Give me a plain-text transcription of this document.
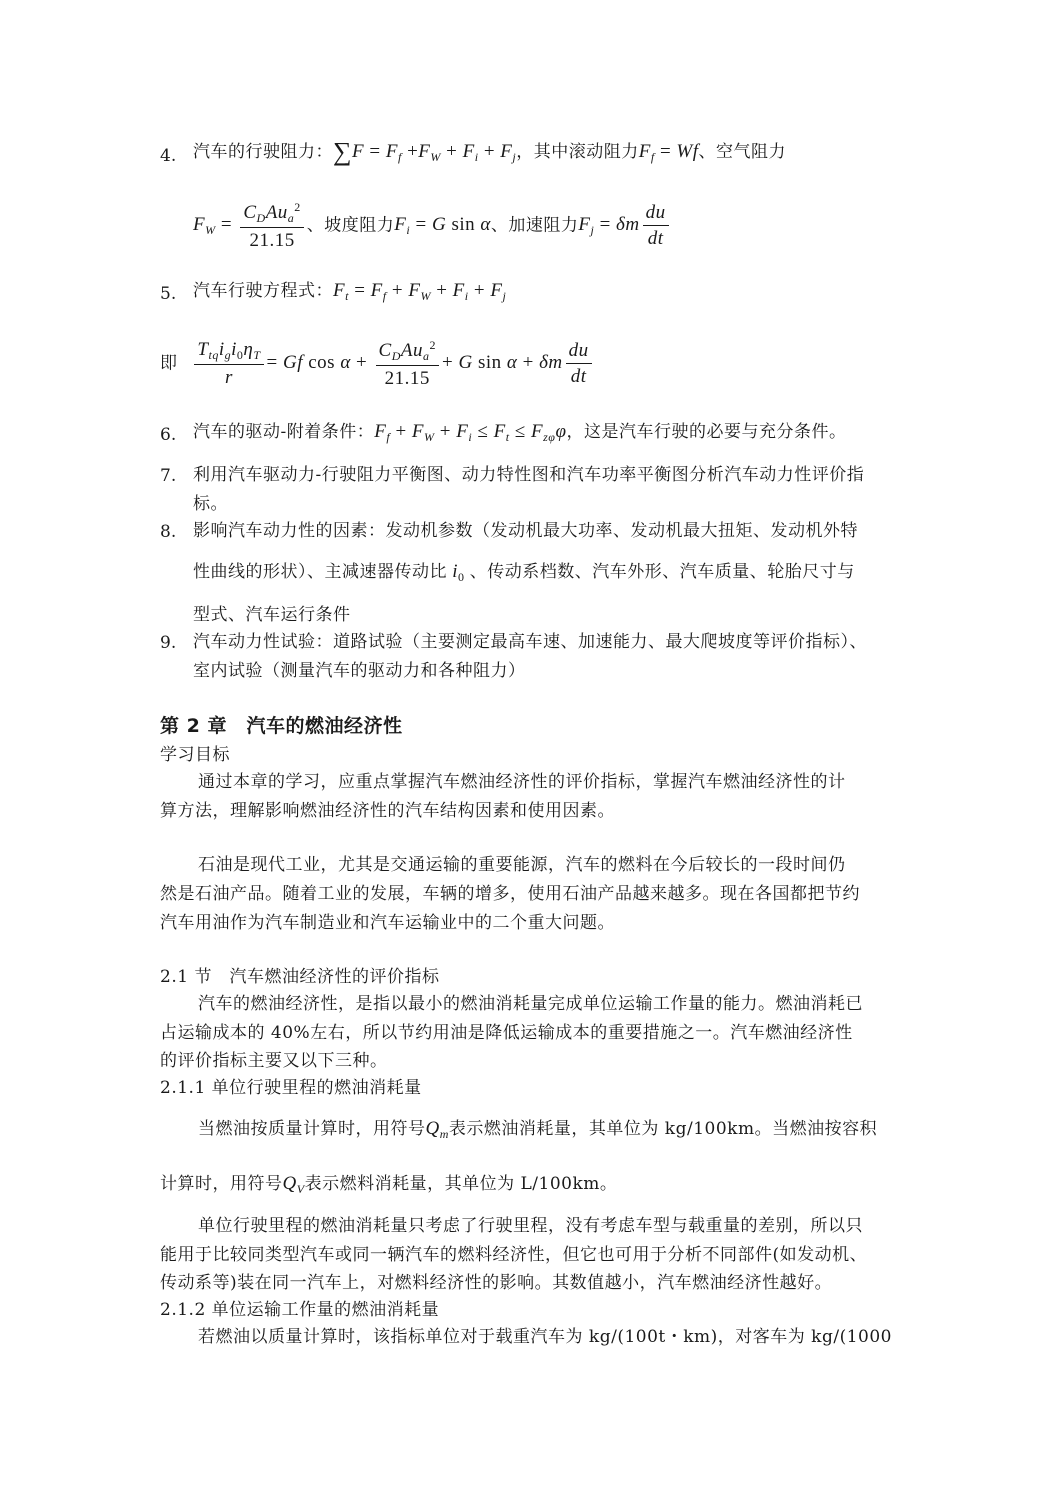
4. 汽车的行驶阻力：$\sum F = F_f +F_W + F_i + F_j$，其中滚动阻力$F_f = Wf$、空气阻力
$F_W = \frac{C_DAu_a^2}{21.15}$ 、坡度阻力$F_i = G$ sin α、加速阻力$F_j = \delta m \frac{du}{dt}$
5. 汽车行驶方程式：$F_t = F_f + F_W + F_i + F_j$
即 $\frac{T_{tq}i_gi_0\eta_T}{r} = Gf$ $\cos \alpha + \frac{C_DAu_a^2}{21.15} + G$ sin α + δm $\frac{du}{dt}$
6. 汽车的驱动-附着条件：$F_f + F_W + F_i \le F_t \le F_{z\varphi}\varphi$，这是汽车行驶的必要与充分条件。
7. 利用汽车驱动力-行驶阻力平衡图、动力特性图和汽车功率平衡图分析汽车动力性评价指
标。
8. 影响汽车动力性的因素：发动机参数（发动机最大功率、发动机最大扭矩、发动机外特
性曲线的形状）、主减速器传动比 $i_0$ 、传动系档数、汽车外形、汽车质量、轮胎尺寸与
型式、汽车运行条件
9. 汽车动力性试验：道路试验（主要测定最高车速、加速能力、最大爬坡度等评价指标）、
室内试验（测量汽车的驱动力和各种阻力）
第 2 章　汽车的燃油经济性
学习目标
通过本章的学习，应重点掌握汽车燃油经济性的评价指标，掌握汽车燃油经济性的计
算方法，理解影响燃油经济性的汽车结构因素和使用因素。
石油是现代工业，尤其是交通运输的重要能源，汽车的燃料在今后较长的一段时间仍
然是石油产品。随着工业的发展，车辆的增多，使用石油产品越来越多。现在各国都把节约
汽车用油作为汽车制造业和汽车运输业中的二个重大问题。
2.1 节　汽车燃油经济性的评价指标
汽车的燃油经济性，是指以最小的燃油消耗量完成单位运输工作量的能力。燃油消耗已
占运输成本的 40%左右，所以节约用油是降低运输成本的重要措施之一。汽车燃油经济性
的评价指标主要又以下三种。
2.1.1 单位行驶里程的燃油消耗量
当燃油按质量计算时，用符号$Q_m$表示燃油消耗量，其单位为 kg/100km。当燃油按容积
计算时，用符号$Q_V$表示燃料消耗量，其单位为 L/100km。
单位行驶里程的燃油消耗量只考虑了行驶里程，没有考虑车型与载重量的差别，所以只
能用于比较同类型汽车或同一辆汽车的燃料经济性，但它也可用于分析不同部件(如发动机、
传动系等)装在同一汽车上，对燃料经济性的影响。其数值越小，汽车燃油经济性越好。
2.1.2 单位运输工作量的燃油消耗量
若燃油以质量计算时，该指标单位对于载重汽车为 kg/(100t・km)，对客车为 kg/(1000
